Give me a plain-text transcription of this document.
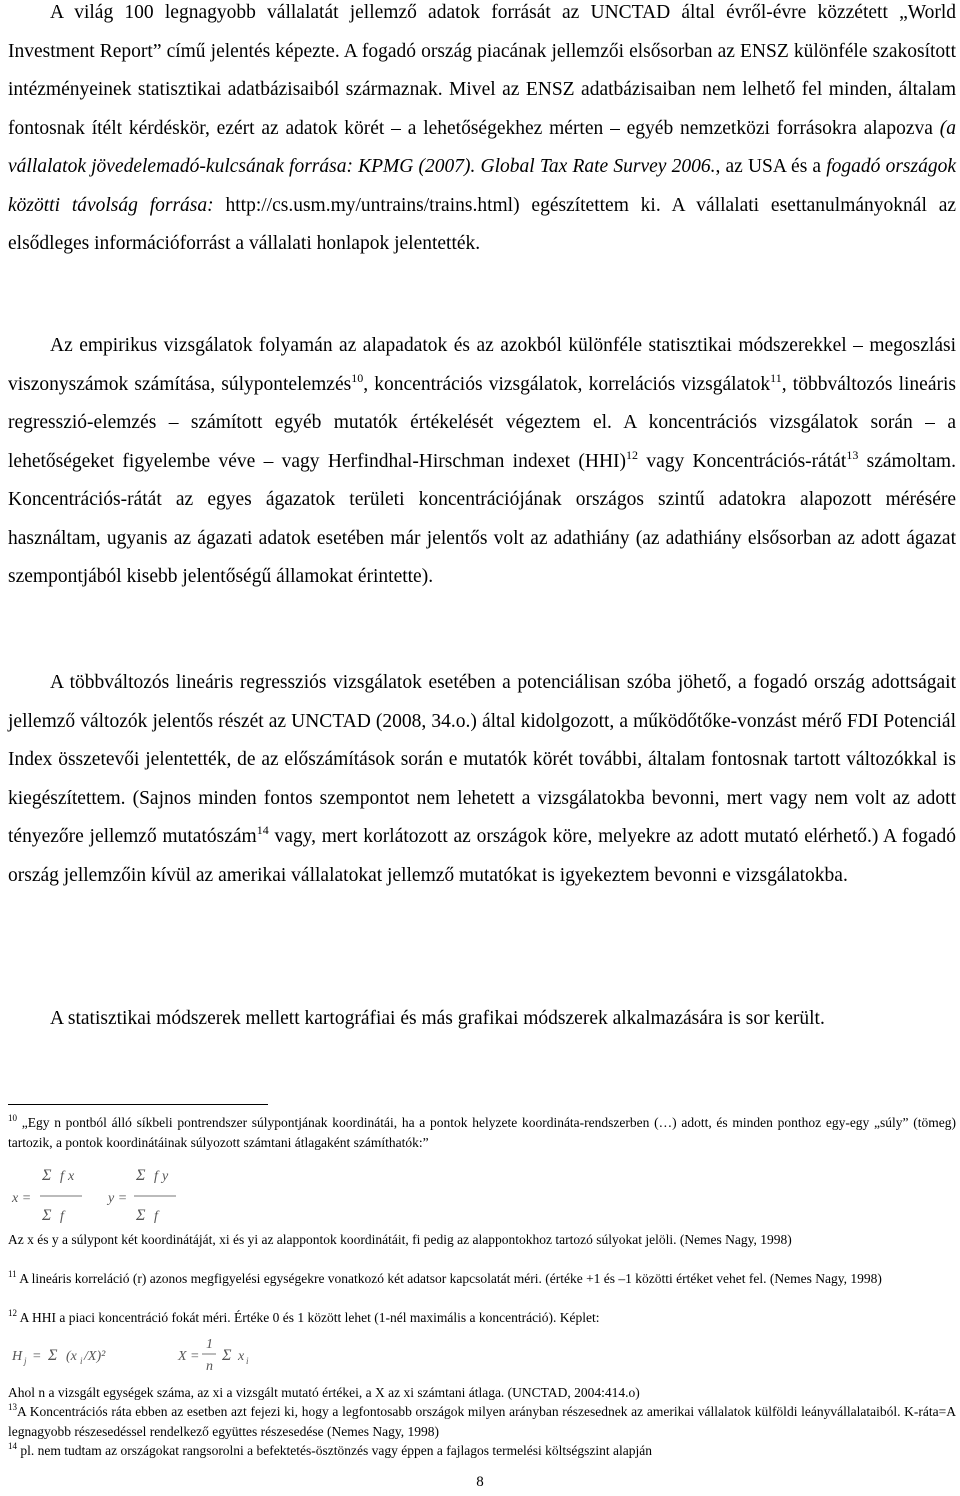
A világ 100 legnagyobb vállalatát jellemző adatok forrását az UNCTAD által évről-évre közzétett „World Investment Report” című jelentés képezte. A fogadó ország piacának jellemzői elsősorban az ENSZ különféle szakosított intézményeinek statisztikai adatbázisaiból származnak. Mivel az ENSZ adatbázisaiban nem lelhető fel minden, általam fontosnak ítélt kérdéskör, ezért az adatok körét – a lehetőségekhez mérten – egyéb nemzetközi forrásokra alapozva (a vállalatok jövedelemadó-kulcsának forrása: KPMG (2007). Global Tax Rate Survey 2006., az USA és a fogadó országok közötti távolság forrása: http://cs.usm.my/untrains/trains.html) egészítettem ki. A vállalati esettanulmányoknál az elsődleges információforrást a vállalati honlapok jelentették.

Az empirikus vizsgálatok folyamán az alapadatok és az azokból különféle statisztikai módszerekkel – megoszlási viszonyszámok számítása, súlypontelemzés$^{10}$, koncentrációs vizsgálatok, korrelációs vizsgálatok$^{11}$, többváltozós lineáris regresszió-elemzés – számított egyéb mutatók értékelését végeztem el. A koncentrációs vizsgálatok során – a lehetőségeket figyelembe véve – vagy Herfindhal-Hirschman indexet (HHI)$^{12}$ vagy Koncentrációs-rátát$^{13}$ számoltam. Koncentrációs-rátát az egyes ágazatok területi koncentrációjának országos szintű adatokra alapozott mérésére használtam, ugyanis az ágazati adatok esetében már jelentős volt az adathiány (az adathiány elsősorban az adott ágazat szempontjából kisebb jelentőségű államokat érintette).

A többváltozós lineáris regressziós vizsgálatok esetében a potenciálisan szóba jöhető, a fogadó ország adottságait jellemző változók jelentős részét az UNCTAD (2008, 34.o.) által kidolgozott, a működőtőke-vonzást mérő FDI Potenciál Index összetevői jelentették, de az előszámítások során e mutatók körét további, általam fontosnak tartott változókkal is kiegészítettem. (Sajnos minden fontos szempontot nem lehetett a vizsgálatokba bevonni, mert vagy nem volt az adott tényezőre jellemző mutatószám$^{14}$ vagy, mert korlátozott az országok köre, melyekre az adott mutató elérhető.) A fogadó ország jellemzőin kívül az amerikai vállalatokat jellemző mutatókat is igyekeztem bevonni e vizsgálatokba.

A statisztikai módszerek mellett kartográfiai és más grafikai módszerek alkalmazására is sor került.

$^{10}$ „Egy n pontból álló síkbeli pontrendszer súlypontjának koordinátái, ha a pontok helyzete koordináta-rendszerben (…) adott, és minden ponthoz egy-egy „súly” (tömeg) tartozik, a pontok koordinátáinak súlyozott számtani átlagaként számíthatók:”

x =
Σ f x
Σ f
y =
Σ f y
Σ f

Az x és y a súlypont két koordinátáját, xi és yi az alappontok koordinátáit, fi pedig az alappontokhoz tartozó súlyokat jelöli. (Nemes Nagy, 1998)

$^{11}$ A lineáris korreláció (r) azonos megfigyelési egységekre vonatkozó két adatsor kapcsolatát méri. (értéke +1 és –1 közötti értéket vehet fel. (Nemes Nagy, 1998)

$^{12}$ A HHI a piaci koncentráció fokát méri. Értéke 0 és 1 között lehet (1-nél maximális a koncentráció). Képlet:

H j = Σ (x i /X)²	X =
1
n
Σ x i

Ahol n a vizsgált egységek száma, az xi a vizsgált mutató értékei, a X az xi számtani átlaga. (UNCTAD, 2004:414.o)

$^{13}$A Koncentrációs ráta ebben az esetben azt fejezi ki, hogy a legfontosabb országok milyen arányban részesednek az amerikai vállalatok külföldi leányvállalataiból. K-ráta=A legnagyobb részesedéssel rendelkező együttes részesedése (Nemes Nagy, 1998)

$^{14}$ pl. nem tudtam az országokat rangsorolni a befektetés-ösztönzés vagy éppen a fajlagos termelési költségszint alapján

8
